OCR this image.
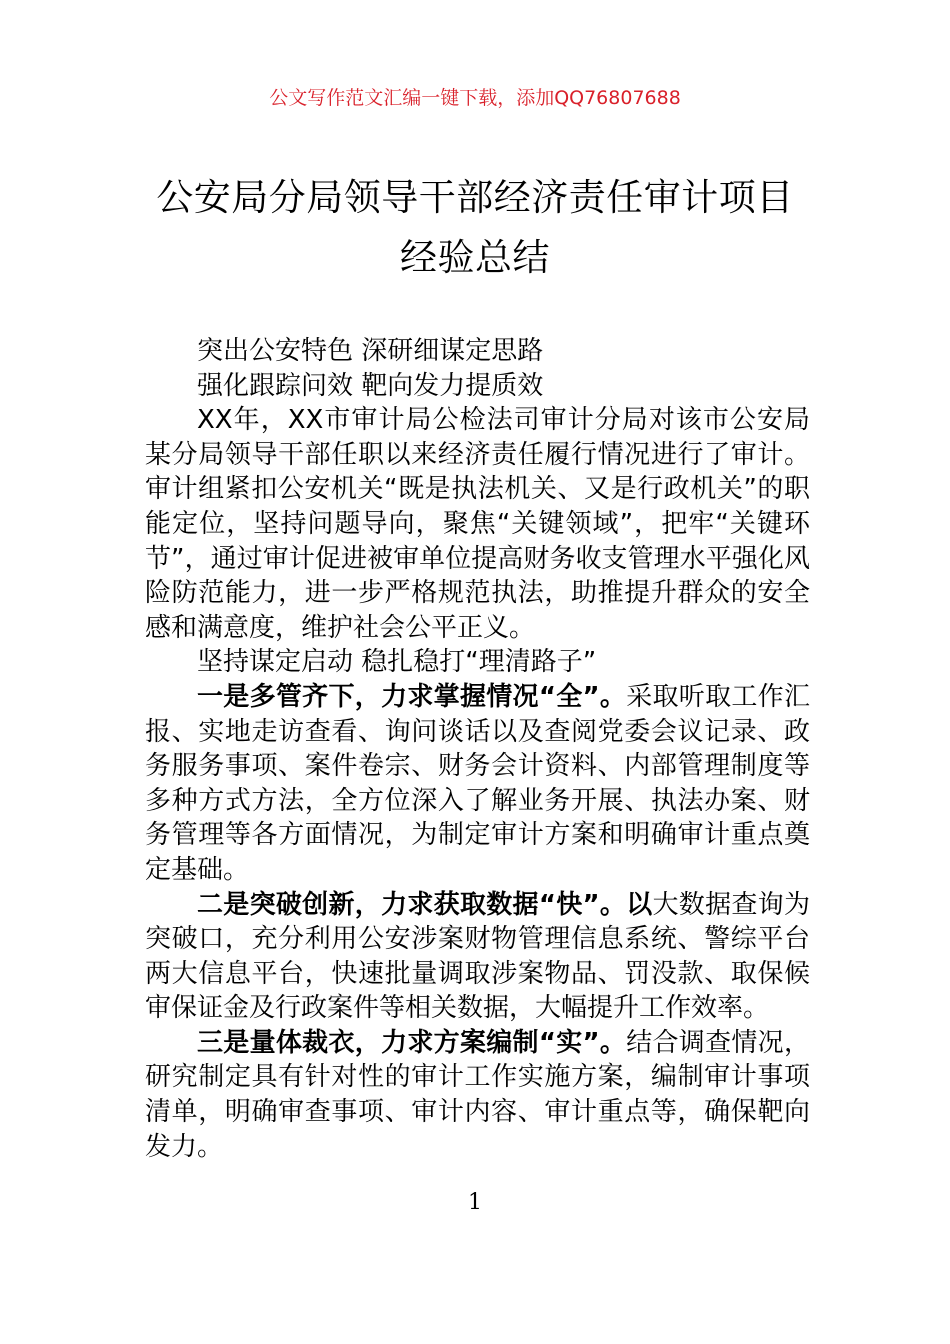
公文写作范文汇编一键下载，添加QQ76807688
公安局分局领导干部经济责任审计项目经验总结

突出公安特色 深研细谋定思路

强化跟踪问效 靶向发力提质效

XX年，XX市审计局公检法司审计分局对该市公安局某分局领导干部任职以来经济责任履行情况进行了审计。审计组紧扣公安机关“既是执法机关、又是行政机关”的职能定位，坚持问题导向，聚焦“关键领域”，把牢“关键环节”，通过审计促进被审单位提高财务收支管理水平强化风险防范能力，进一步严格规范执法，助推提升群众的安全感和满意度，维护社会公平正义。

坚持谋定启动 稳扎稳打“理清路子”

一是多管齐下，力求掌握情况“全”。采取听取工作汇报、实地走访查看、询问谈话以及查阅党委会议记录、政务服务事项、案件卷宗、财务会计资料、内部管理制度等多种方式方法，全方位深入了解业务开展、执法办案、财务管理等各方面情况，为制定审计方案和明确审计重点奠定基础。

二是突破创新，力求获取数据“快”。以大数据查询为突破口，充分利用公安涉案财物管理信息系统、警综平台两大信息平台，快速批量调取涉案物品、罚没款、取保候审保证金及行政案件等相关数据，大幅提升工作效率。

三是量体裁衣，力求方案编制“实”。结合调查情况，研究制定具有针对性的审计工作实施方案，编制审计事项清单，明确审查事项、审计内容、审计重点等，确保靶向发力。

1
